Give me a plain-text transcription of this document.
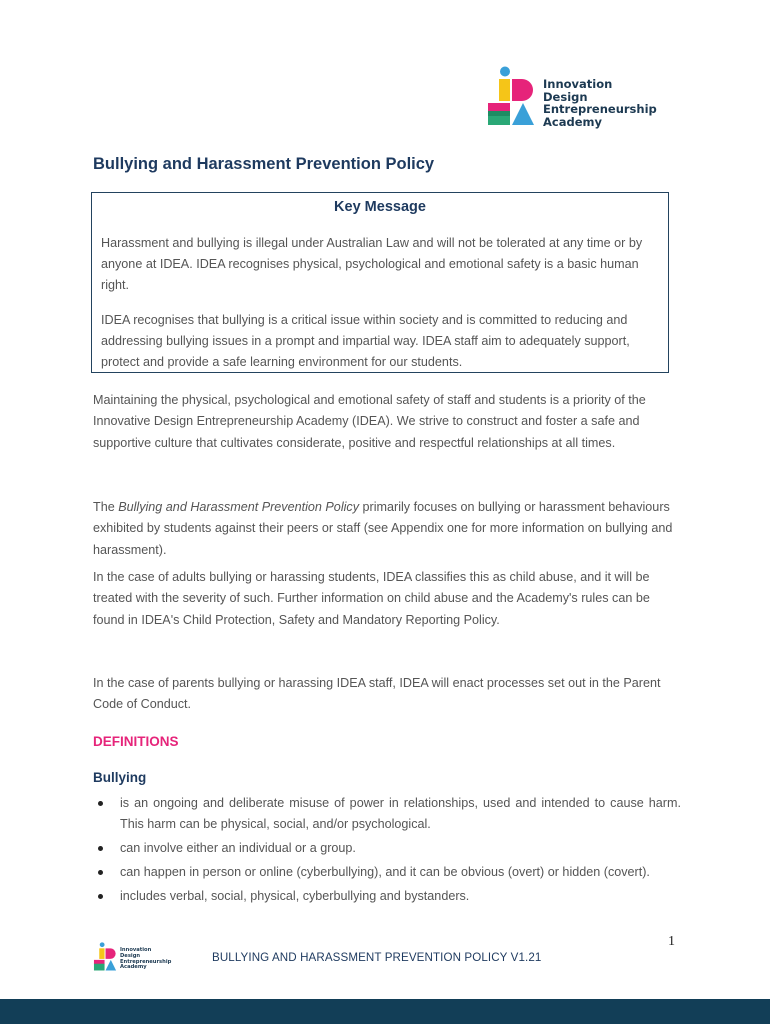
Innovation
Design
Entrepreneurship
Academy
Bullying and Harassment Prevention Policy
Key Message
Harassment and bullying is illegal under Australian Law and will not be tolerated at any time or by anyone at IDEA. IDEA recognises physical, psychological and emotional safety is a basic human right.
IDEA recognises that bullying is a critical issue within society and is committed to reducing and addressing bullying issues in a prompt and impartial way. IDEA staff aim to adequately support, protect and provide a safe learning environment for our students.
Maintaining the physical, psychological and emotional safety of staff and students is a priority of the Innovative Design Entrepreneurship Academy (IDEA). We strive to construct and foster a safe and supportive culture that cultivates considerate, positive and respectful relationships at all times.
The Bullying and Harassment Prevention Policy primarily focuses on bullying or harassment behaviours exhibited by students against their peers or staff (see Appendix one for more information on bullying and harassment).
In the case of adults bullying or harassing students, IDEA classifies this as child abuse, and it will be treated with the severity of such. Further information on child abuse and the Academy's rules can be found in IDEA's Child Protection, Safety and Mandatory Reporting Policy.
In the case of parents bullying or harassing IDEA staff, IDEA will enact processes set out in the Parent Code of Conduct.
DEFINITIONS
Bullying
is an ongoing and deliberate misuse of power in relationships, used and intended to cause harm. This harm can be physical, social, and/or psychological.
can involve either an individual or a group.
can happen in person or online (cyberbullying), and it can be obvious (overt) or hidden (covert).
includes verbal, social, physical, cyberbullying and bystanders.
Innovation
Design
Entrepreneurship
Academy
BULLYING AND HARASSMENT PREVENTION POLICY V1.21
1
